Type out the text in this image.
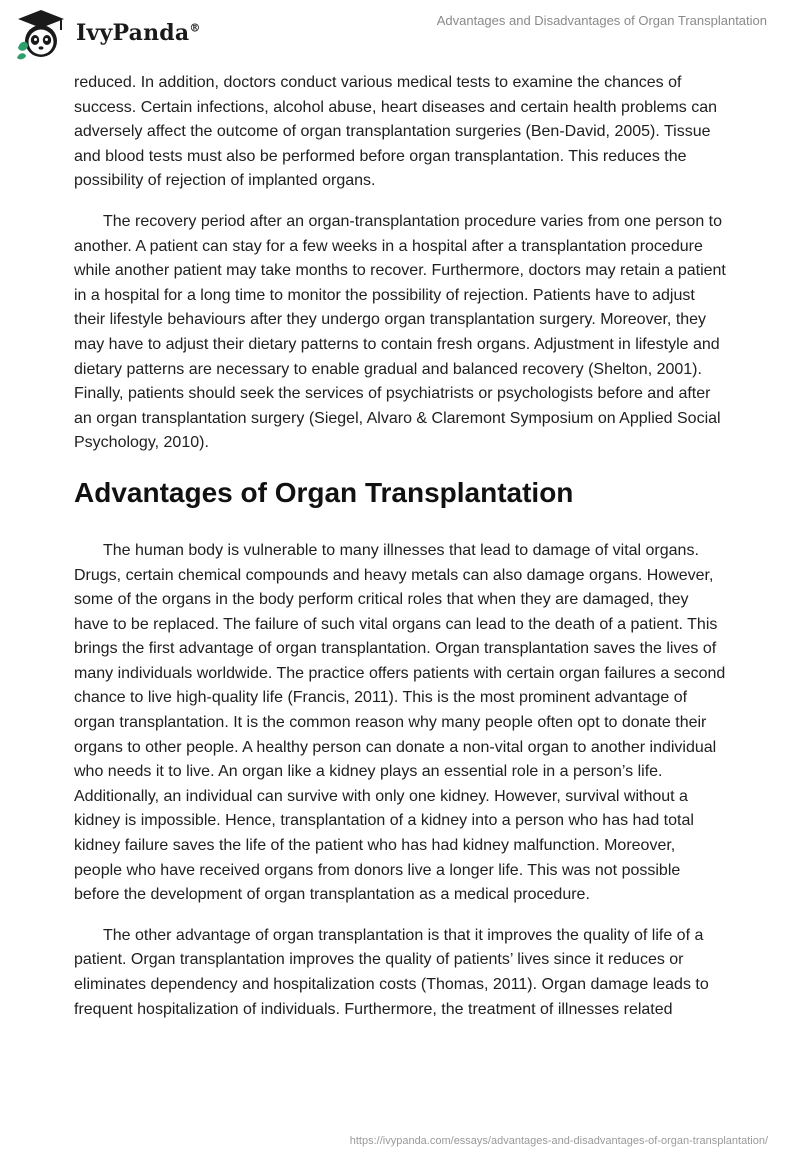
IvyPanda®
Advantages and Disadvantages of Organ Transplantation

reduced. In addition, doctors conduct various medical tests to examine the chances of success. Certain infections, alcohol abuse, heart diseases and certain health problems can adversely affect the outcome of organ transplantation surgeries (Ben-David, 2005). Tissue and blood tests must also be performed before organ transplantation. This reduces the possibility of rejection of implanted organs.

The recovery period after an organ-transplantation procedure varies from one person to another. A patient can stay for a few weeks in a hospital after a transplantation procedure while another patient may take months to recover. Furthermore, doctors may retain a patient in a hospital for a long time to monitor the possibility of rejection. Patients have to adjust their lifestyle behaviours after they undergo organ transplantation surgery. Moreover, they may have to adjust their dietary patterns to contain fresh organs. Adjustment in lifestyle and dietary patterns are necessary to enable gradual and balanced recovery (Shelton, 2001). Finally, patients should seek the services of psychiatrists or psychologists before and after an organ transplantation surgery (Siegel, Alvaro & Claremont Symposium on Applied Social Psychology, 2010).

Advantages of Organ Transplantation

The human body is vulnerable to many illnesses that lead to damage of vital organs. Drugs, certain chemical compounds and heavy metals can also damage organs. However, some of the organs in the body perform critical roles that when they are damaged, they have to be replaced. The failure of such vital organs can lead to the death of a patient. This brings the first advantage of organ transplantation. Organ transplantation saves the lives of many individuals worldwide. The practice offers patients with certain organ failures a second chance to live high-quality life (Francis, 2011). This is the most prominent advantage of organ transplantation. It is the common reason why many people often opt to donate their organs to other people. A healthy person can donate a non-vital organ to another individual who needs it to live. An organ like a kidney plays an essential role in a person’s life. Additionally, an individual can survive with only one kidney. However, survival without a kidney is impossible. Hence, transplantation of a kidney into a person who has had total kidney failure saves the life of the patient who has had kidney malfunction. Moreover, people who have received organs from donors live a longer life. This was not possible before the development of organ transplantation as a medical procedure.

The other advantage of organ transplantation is that it improves the quality of life of a patient. Organ transplantation improves the quality of patients’ lives since it reduces or eliminates dependency and hospitalization costs (Thomas, 2011). Organ damage leads to frequent hospitalization of individuals. Furthermore, the treatment of illnesses related

https://ivypanda.com/essays/advantages-and-disadvantages-of-organ-transplantation/
